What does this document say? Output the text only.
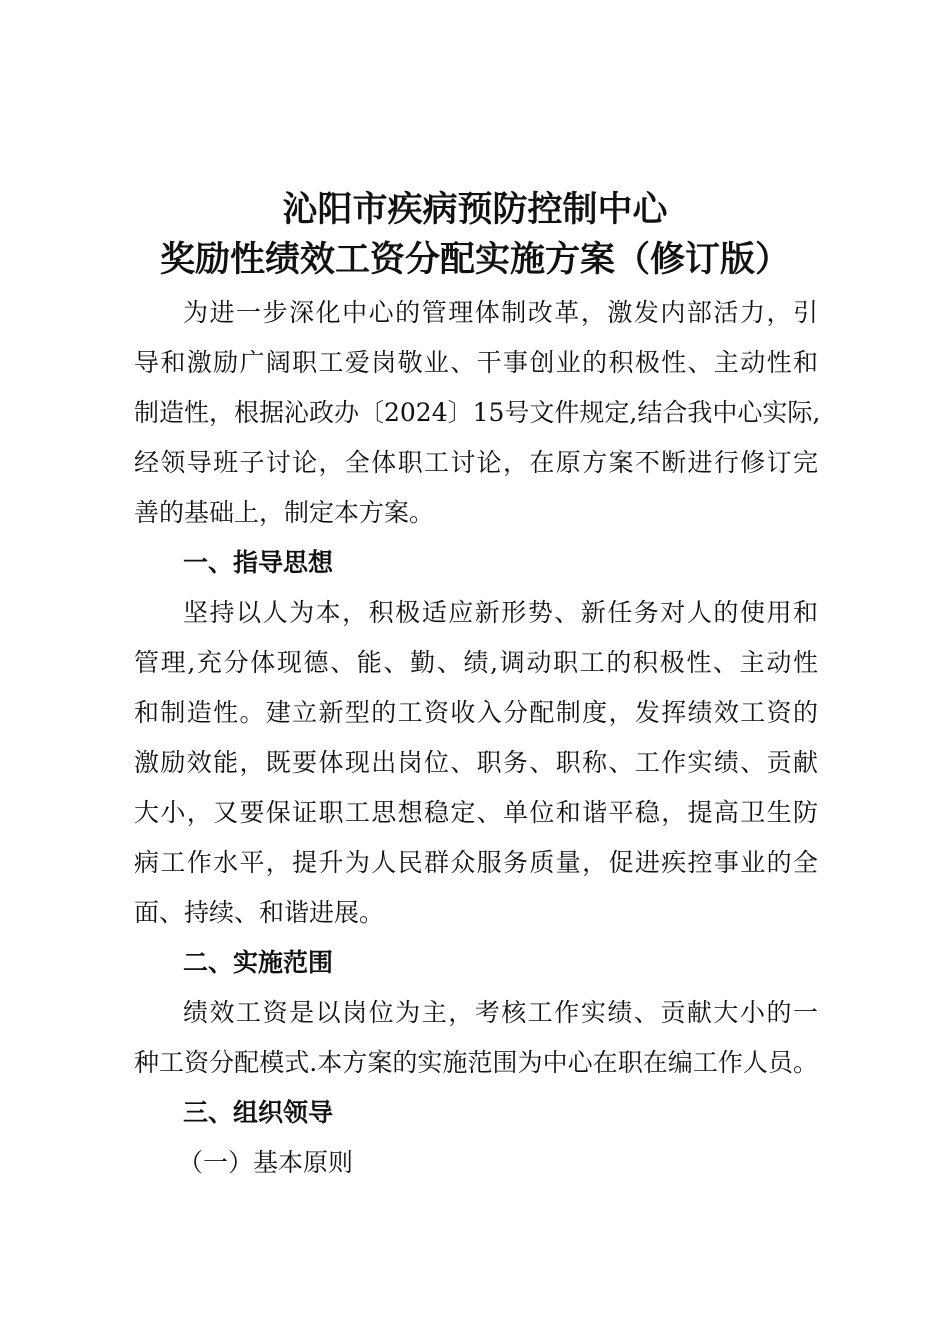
沁阳市疾病预防控制中心
奖励性绩效工资分配实施方案（修订版）

为进一步深化中心的管理体制改革，激发内部活力，引

导和激励广阔职工爱岗敬业、干事创业的积极性、主动性和

制造性，根据沁政办〔2024〕15号文件规定,结合我中心实际,

经领导班子讨论，全体职工讨论，在原方案不断进行修订完

善的基础上，制定本方案。

一、指导思想

坚持以人为本，积极适应新形势、新任务对人的使用和

管理,充分体现德、能、勤、绩,调动职工的积极性、主动性

和制造性。建立新型的工资收入分配制度，发挥绩效工资的

激励效能，既要体现出岗位、职务、职称、工作实绩、贡献

大小，又要保证职工思想稳定、单位和谐平稳，提高卫生防

病工作水平，提升为人民群众服务质量，促进疾控事业的全

面、持续、和谐进展。

二、实施范围

绩效工资是以岗位为主，考核工作实绩、贡献大小的一

种工资分配模式.本方案的实施范围为中心在职在编工作人员。

三、组织领导

（一）基本原则
